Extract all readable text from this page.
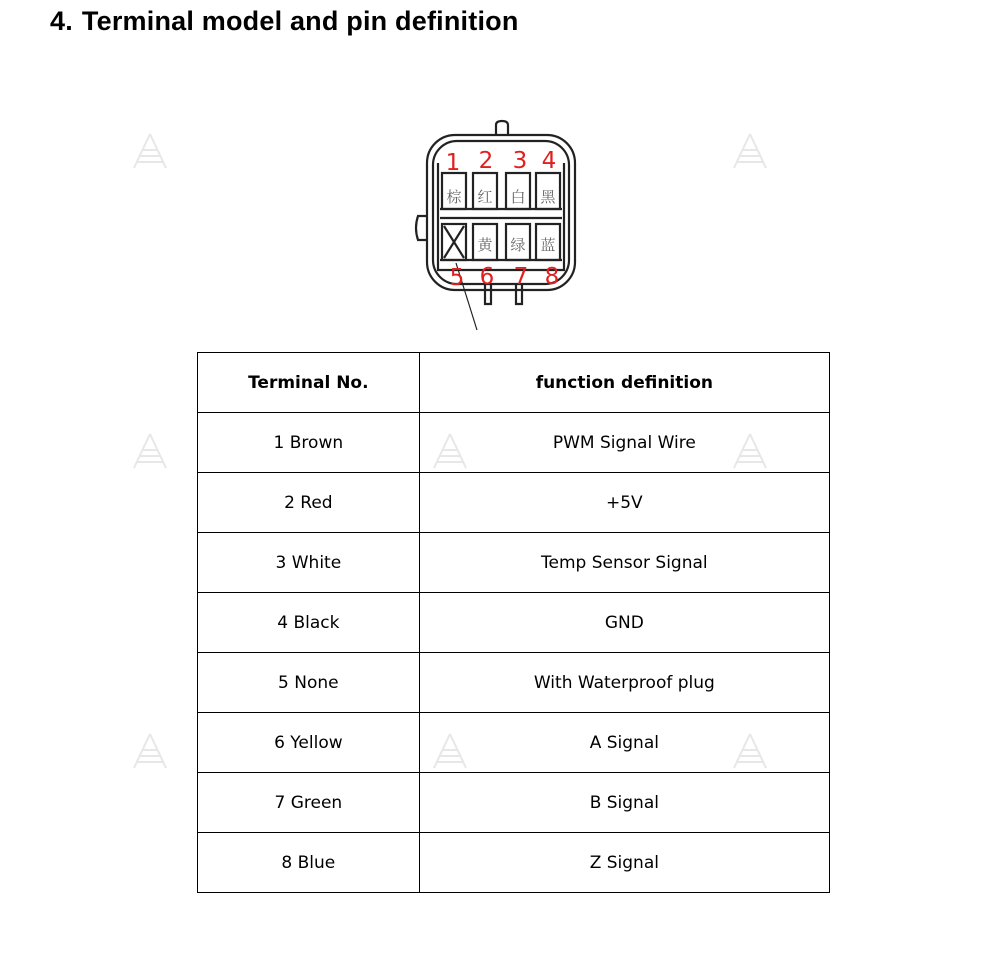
4. Terminal model and pin definition
1 2 3 4
5 6 7 8
棕 红 白 黑
黄 绿 蓝
Terminal No.	function definition
1 Brown	PWM Signal Wire
2 Red	+5V
3 White	Temp Sensor Signal
4 Black	GND
5 None	With Waterproof plug
6 Yellow	A Signal
7 Green	B Signal
8 Blue	Z Signal
